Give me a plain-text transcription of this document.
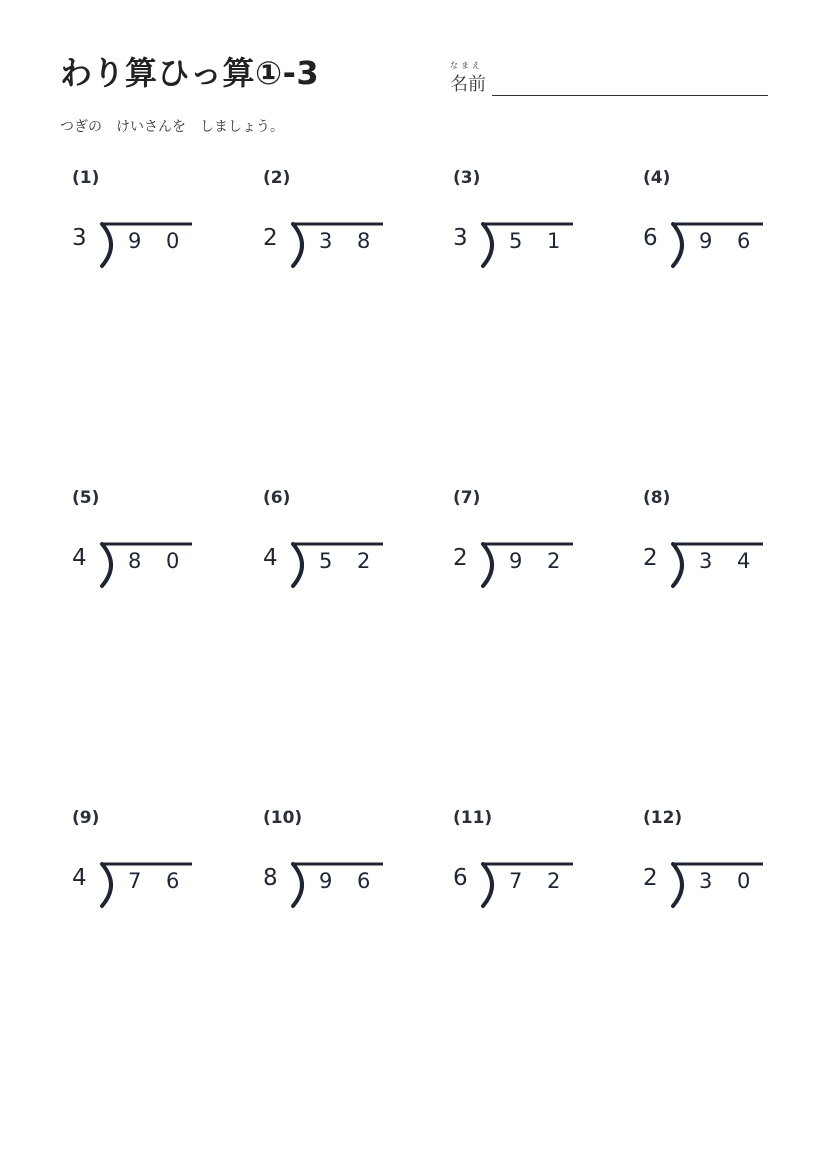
わり算ひっ算①-3	なまえ
名前
つぎの　けいさんを　しましょう。
(1)
3 9 0
(2)
2 3 8
(3)
3 5 1
(4)
6 9 6
(5)
4 8 0
(6)
4 5 2
(7)
2 9 2
(8)
2 3 4
(9)
4 7 6
(10)
8 9 6
(11)
6 7 2
(12)
2 3 0
